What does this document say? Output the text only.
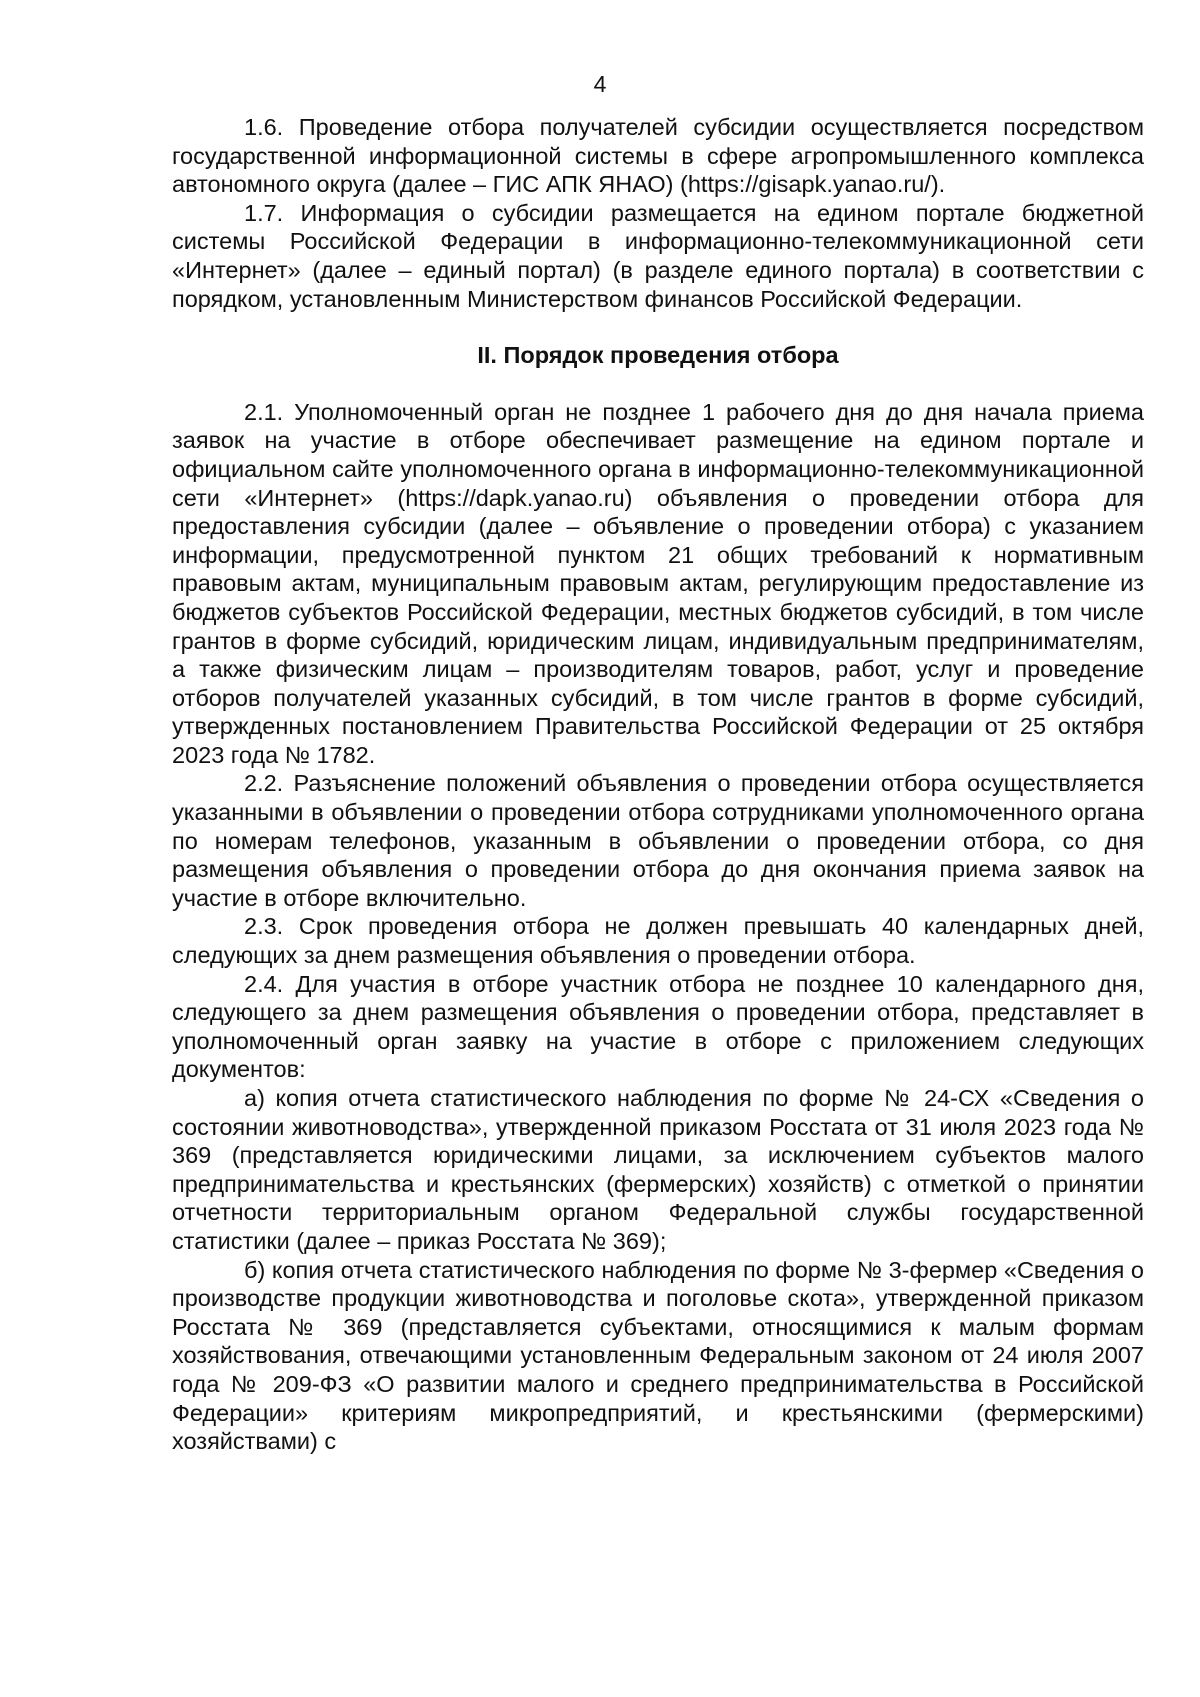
4

1.6. Проведение отбора получателей субсидии осуществляется посредством государственной информационной системы в сфере агропромышленного комплекса автономного округа (далее – ГИС АПК ЯНАО) (https://gisapk.yanao.ru/).

1.7. Информация о субсидии размещается на едином портале бюджетной системы Российской Федерации в информационно-телекоммуникационной сети «Интернет» (далее – единый портал) (в разделе единого портала) в соответствии с порядком, установленным Министерством финансов Российской Федерации.

II. Порядок проведения отбора

2.1. Уполномоченный орган не позднее 1 рабочего дня до дня начала приема заявок на участие в отборе обеспечивает размещение на едином портале и официальном сайте уполномоченного органа в информационно-телекоммуникационной сети «Интернет» (https://dapk.yanao.ru) объявления о проведении отбора для предоставления субсидии (далее – объявление о проведении отбора) с указанием информации, предусмотренной пунктом 21 общих требований к нормативным правовым актам, муниципальным правовым актам, регулирующим предоставление из бюджетов субъектов Российской Федерации, местных бюджетов субсидий, в том числе грантов в форме субсидий, юридическим лицам, индивидуальным предпринимателям, а также физическим лицам – производителям товаров, работ, услуг и проведение отборов получателей указанных субсидий, в том числе грантов в форме субсидий, утвержденных постановлением Правительства Российской Федерации от 25 октября 2023 года № 1782.

2.2. Разъяснение положений объявления о проведении отбора осуществляется указанными в объявлении о проведении отбора сотрудниками уполномоченного органа по номерам телефонов, указанным в объявлении о проведении отбора, со дня размещения объявления о проведении отбора до дня окончания приема заявок на участие в отборе включительно.

2.3. Срок проведения отбора не должен превышать 40 календарных дней, следующих за днем размещения объявления о проведении отбора.

2.4. Для участия в отборе участник отбора не позднее 10 календарного дня, следующего за днем размещения объявления о проведении отбора, представляет в уполномоченный орган заявку на участие в отборе с приложением следующих документов:

а) копия отчета статистического наблюдения по форме № 24-СХ «Сведения о состоянии животноводства», утвержденной приказом Росстата от 31 июля 2023 года № 369 (представляется юридическими лицами, за исключением субъектов малого предпринимательства и крестьянских (фермерских) хозяйств) с отметкой о принятии отчетности территориальным органом Федеральной службы государственной статистики (далее – приказ Росстата № 369);

б) копия отчета статистического наблюдения по форме № 3-фермер «Сведения о производстве продукции животноводства и поголовье скота», утвержденной приказом Росстата № 369 (представляется субъектами, относящимися к малым формам хозяйствования, отвечающими установленным Федеральным законом от 24 июля 2007 года № 209-ФЗ «О развитии малого и среднего предпринимательства в Российской Федерации» критериям микропредприятий, и крестьянскими (фермерскими) хозяйствами) с
